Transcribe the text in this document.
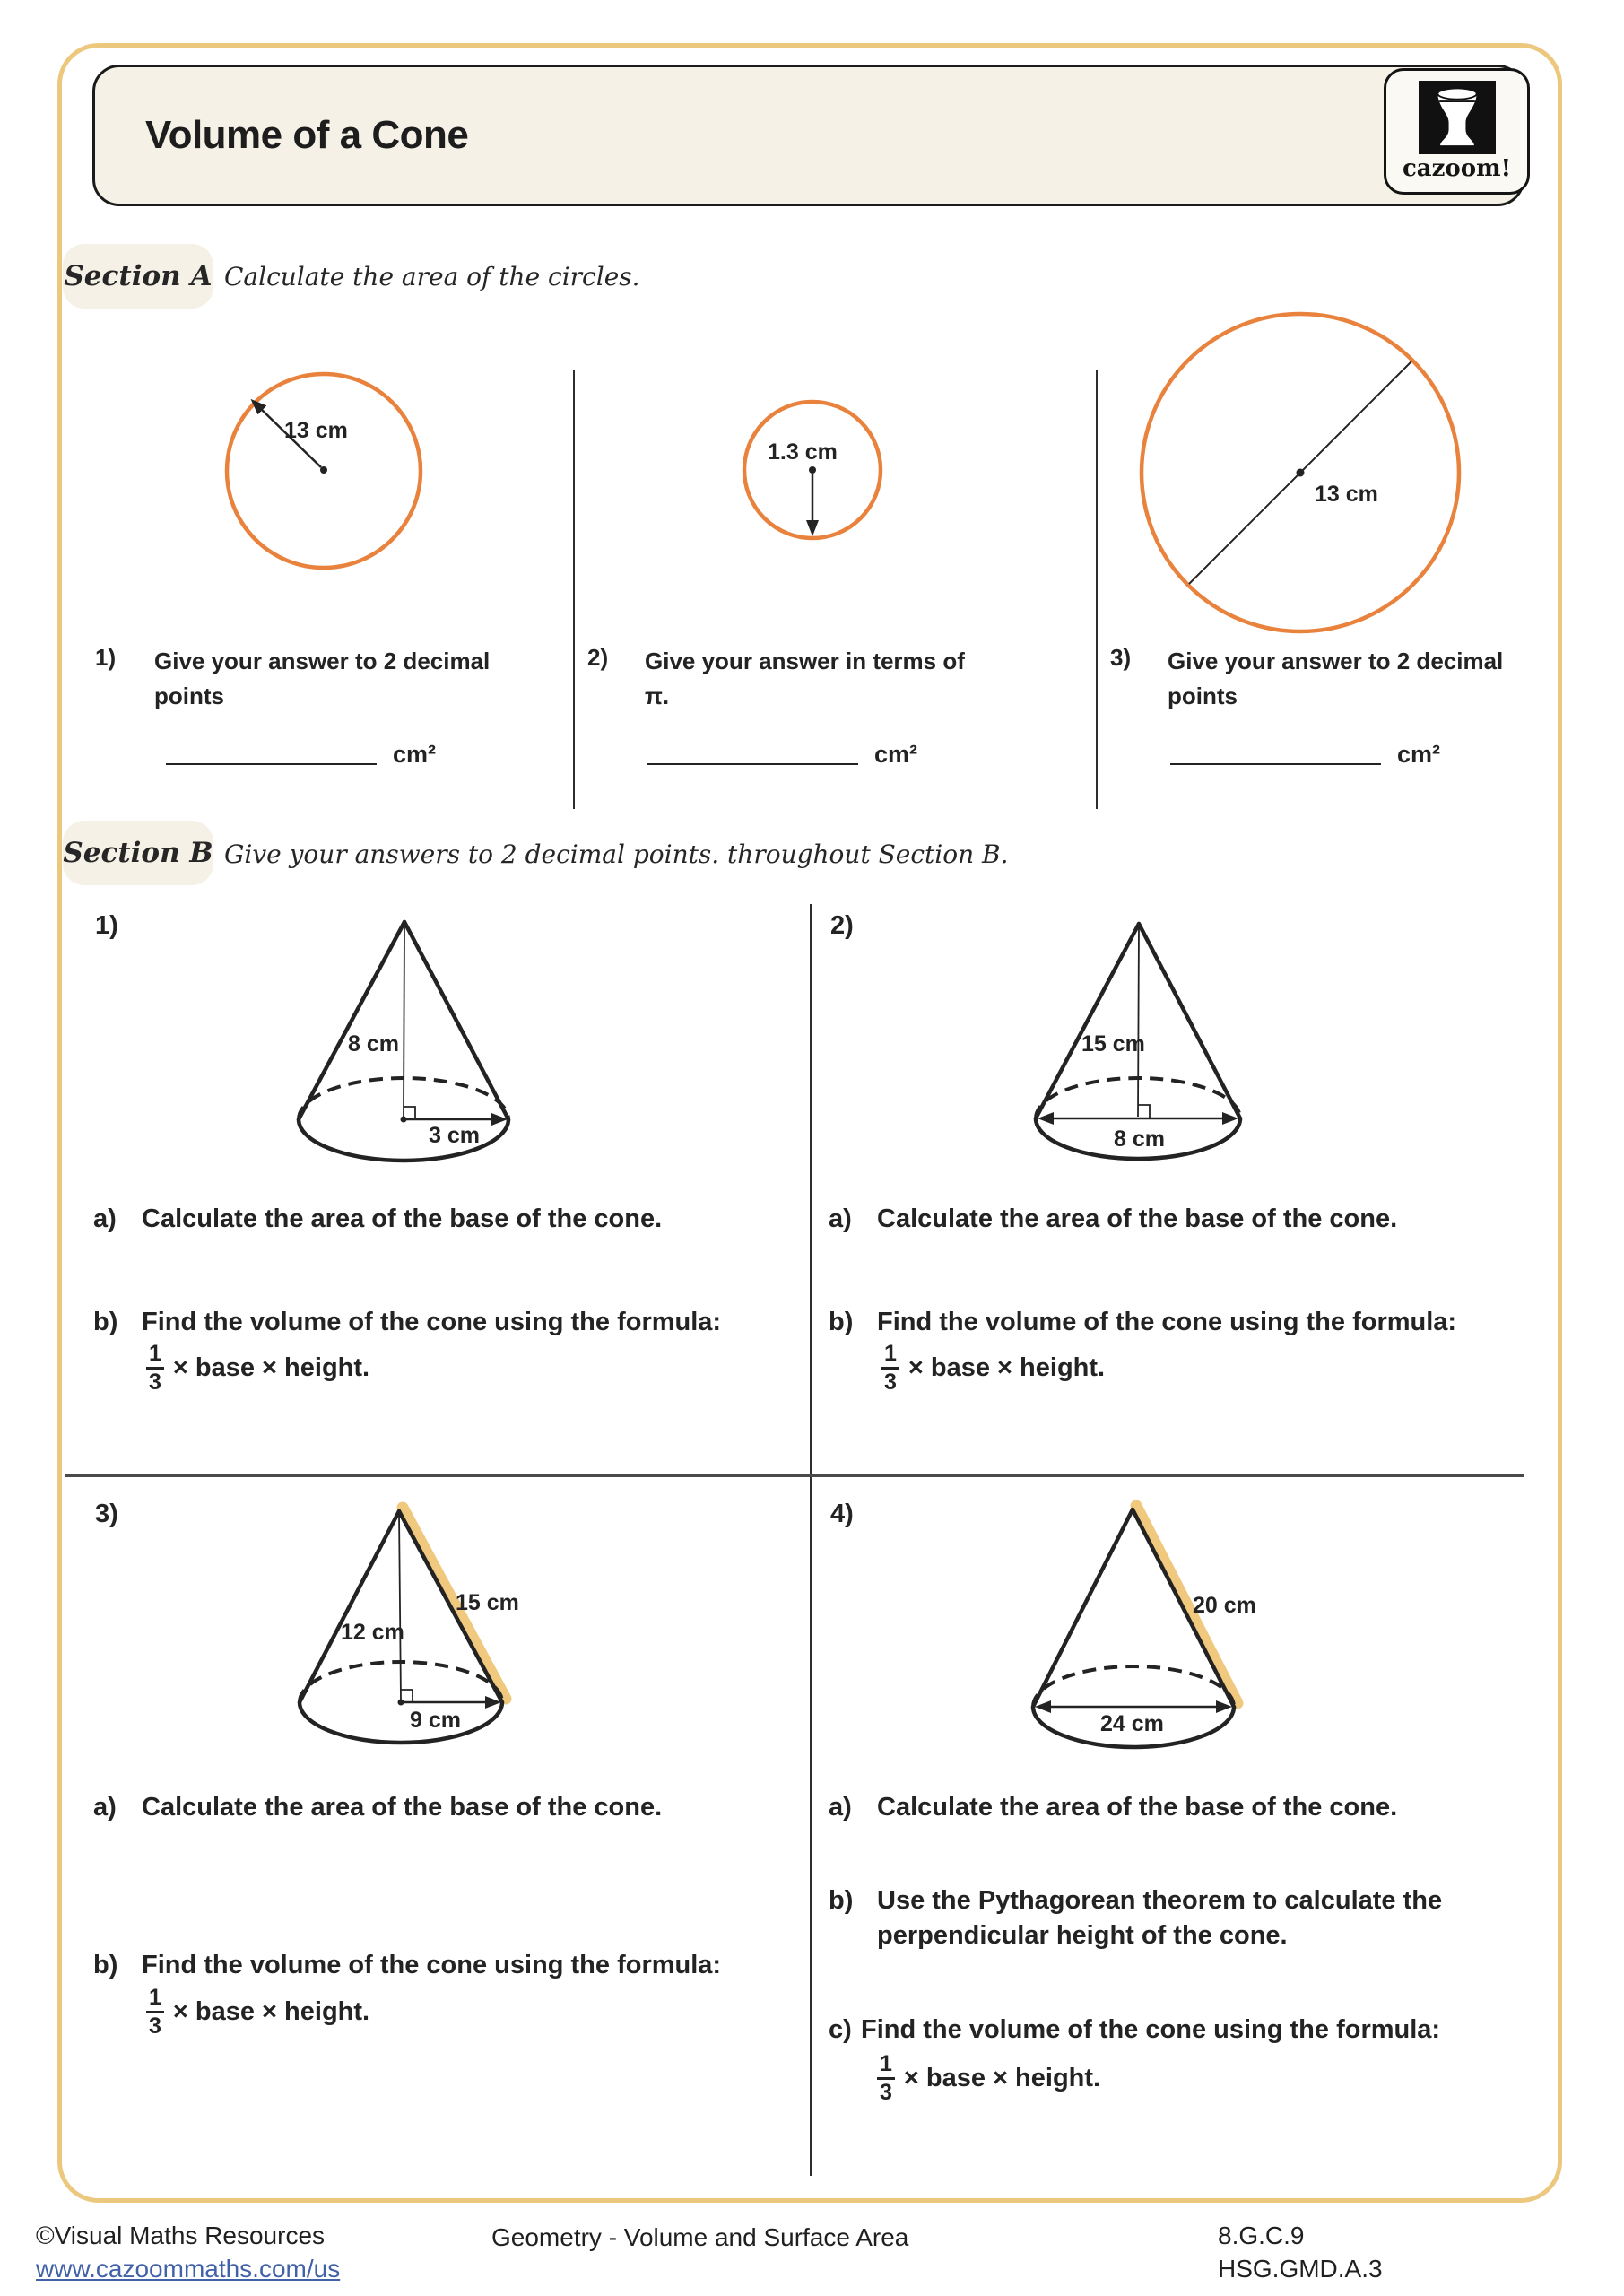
Volume of a Cone
cazoom!
Section A Calculate the area of the circles.
13 cm
1.3 cm
13 cm
1) Give your answer to 2 decimal points
cm²
2) Give your answer in terms of π.
cm²
3) Give your answer to 2 decimal points
cm²
Section B Give your answers to 2 decimal points. throughout Section B.
1)
8 cm
3 cm
2)
15 cm
8 cm
a) Calculate the area of the base of the cone.
b) Find the volume of the cone using the formula:
$\frac{1}{3}$ × base × height.
a) Calculate the area of the base of the cone.
b) Find the volume of the cone using the formula:
$\frac{1}{3}$ × base × height.
3)
12 cm
15 cm
9 cm
4)
20 cm
24 cm
a) Calculate the area of the base of the cone.
b) Find the volume of the cone using the formula:
$\frac{1}{3}$ × base × height.
a) Calculate the area of the base of the cone.
b) Use the Pythagorean theorem to calculate the perpendicular height of the cone.
c) Find the volume of the cone using the formula:
$\frac{1}{3}$ × base × height.
©Visual Maths Resources
www.cazoommaths.com/us
Geometry - Volume and Surface Area	8.G.C.9
HSG.GMD.A.3
